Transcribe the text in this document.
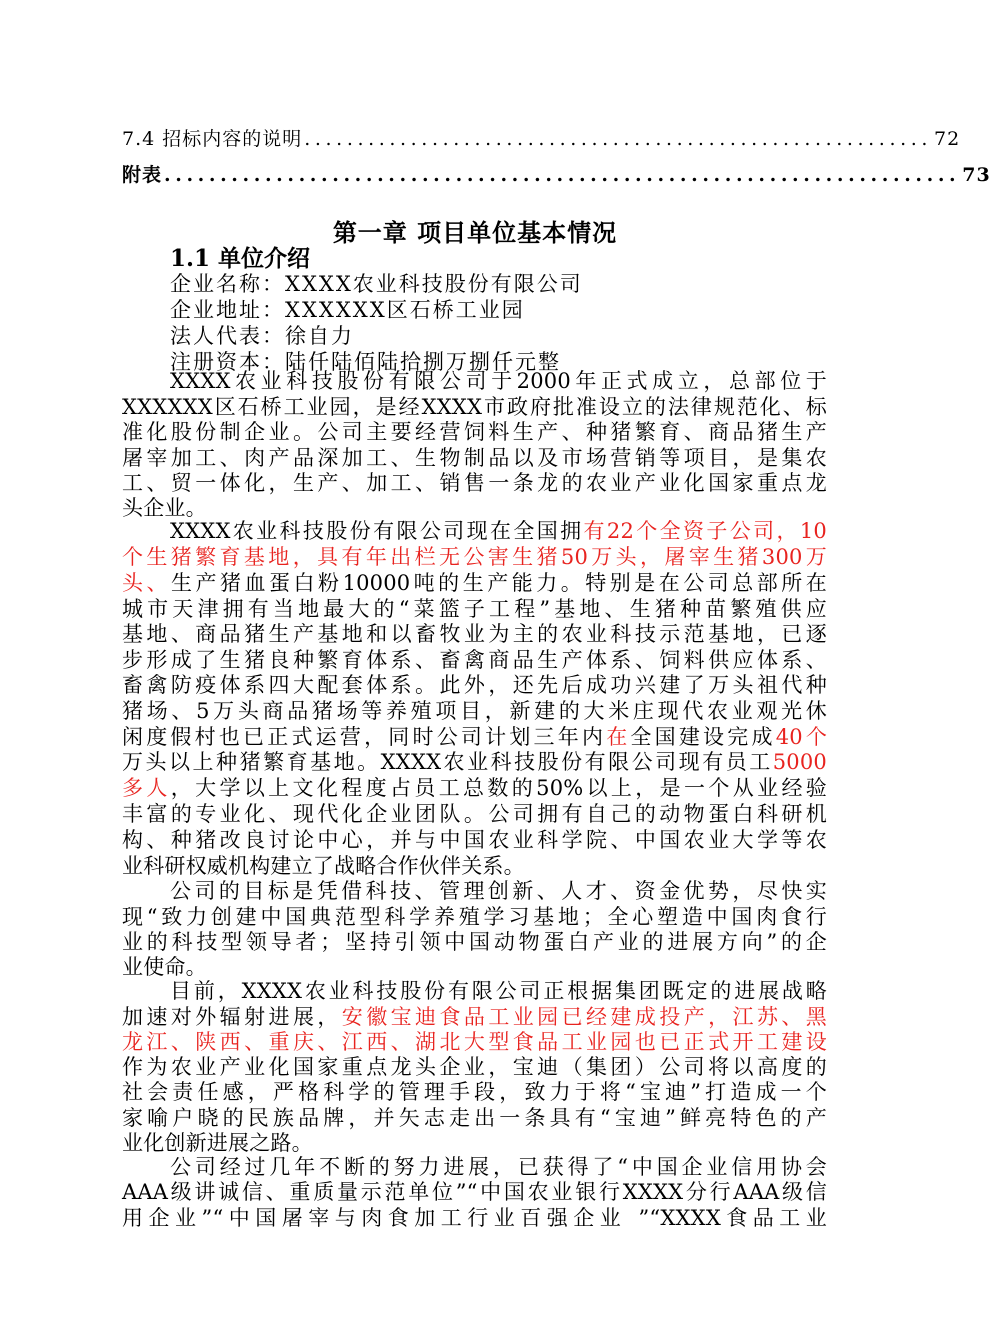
7.4 招标内容的说明 ........................................................... 72
附表 ....................................................................... 73
第一章 项目单位基本情况
1.1 单位介绍
企业名称：XXXX农业科技股份有限公司
企业地址：XXXXXX区石桥工业园
法人代表：徐自力
注册资本：陆仟陆佰陆拾捌万捌仟元整
XXXX农业科技股份有限公司于2000年正式成立，总部位于
XXXXXX区石桥工业园，是经XXXX市政府批准设立的法律规范化、标
准化股份制企业。公司主要经营饲料生产、种猪繁育、商品猪生产
屠宰加工、肉产品深加工、生物制品以及市场营销等项目，是集农
工、贸一体化，生产、加工、销售一条龙的农业产业化国家重点龙
头企业。
XXXX农业科技股份有限公司现在全国拥有22个全资子公司，10
个生猪繁育基地，具有年出栏无公害生猪50万头，屠宰生猪300万
头、生产猪血蛋白粉10000吨的生产能力。特别是在公司总部所在
城市天津拥有当地最大的“菜篮子工程”基地、生猪种苗繁殖供应
基地、商品猪生产基地和以畜牧业为主的农业科技示范基地，已逐
步形成了生猪良种繁育体系、畜禽商品生产体系、饲料供应体系、
畜禽防疫体系四大配套体系。此外，还先后成功兴建了万头祖代种
猪场、5万头商品猪场等养殖项目，新建的大米庄现代农业观光休
闲度假村也已正式运营，同时公司计划三年内在全国建设完成40个
万头以上种猪繁育基地。XXXX农业科技股份有限公司现有员工5000
多人，大学以上文化程度占员工总数的50%以上，是一个从业经验
丰富的专业化、现代化企业团队。公司拥有自己的动物蛋白科研机
构、种猪改良讨论中心，并与中国农业科学院、中国农业大学等农
业科研权威机构建立了战略合作伙伴关系。
公司的目标是凭借科技、管理创新、人才、资金优势，尽快实
现“致力创建中国典范型科学养殖学习基地；全心塑造中国肉食行
业的科技型领导者；坚持引领中国动物蛋白产业的进展方向”的企
业使命。
目前，XXXX农业科技股份有限公司正根据集团既定的进展战略
加速对外辐射进展，安徽宝迪食品工业园已经建成投产，江苏、黑
龙江、陕西、重庆、江西、湖北大型食品工业园也已正式开工建设
作为农业产业化国家重点龙头企业，宝迪（集团）公司将以高度的
社会责任感，严格科学的管理手段，致力于将“宝迪”打造成一个
家喻户晓的民族品牌，并矢志走出一条具有“宝迪”鲜亮特色的产
业化创新进展之路。
公司经过几年不断的努力进展，已获得了“中国企业信用协会
AAA级讲诚信、重质量示范单位”“中国农业银行XXXX分行AAA级信
用企业”“中国屠宰与肉食加工行业百强企业 ”“XXXX食品工业
